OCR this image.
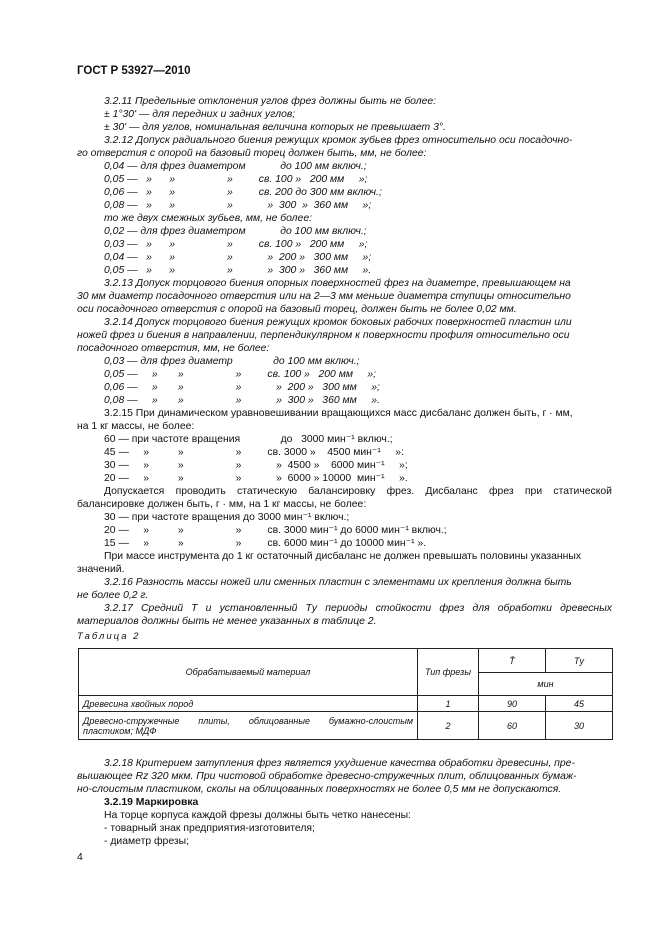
ГОСТ Р 53927—2010
3.2.11 Предельные отклонения углов фрез должны быть не более:
± 1°30' — для передних и задних углов;
± 30' — для углов, номинальная величина которых не превышает 3°.
3.2.12 Допуск радиального биения режущих кромок зубьев фрез относительно оси посадочно-
го отверстия с опорой на базовый торец должен быть, мм, не более:
0,04 — для фрез диаметром            до 100 мм включ.;
0,05 —   »      »                  »         св. 100 »   200 мм     »;
0,06 —   »      »                  »         св. 200 до 300 мм включ.;
0,08 —   »      »                  »            »  300  »  360 мм     »;
то же двух смежных зубьев, мм, не более:
0,02 — для фрез диаметром            до 100 мм включ.;
0,03 —   »      »                  »         св. 100 »   200 мм     »;
0,04 —   »      »                  »            »  200 »   300 мм     »;
0,05 —   »      »                  »            »  300 »   360 мм     ».
3.2.13 Допуск торцового биения опорных поверхностей фрез на диаметре, превышающем на
30 мм диаметр посадочного отверстия или на 2—3 мм меньше диаметра ступицы относительно
оси посадочного отверстия с опорой на базовый торец, должен быть не более 0,02 мм.
3.2.14 Допуск торцового биения режущих кромок боковых рабочих поверхностей пластин или
ножей фрез и биения в направлении, перпендикулярном к поверхности профиля относительно оси
посадочного отверстия, мм, не более:
0,03 — для фрез диаметр              до 100 мм включ.;
0,05 —     »       »                  »         св. 100 »   200 мм     »;
0,06 —     »       »                  »            »  200 »   300 мм     »;
0,08 —     »       »                  »            »  300 »   360 мм     ».
3.2.15 При динамическом уравновешивании вращающихся масс дисбаланс должен быть, г · мм,
на 1 кг массы, не более:
60 — при частоте вращения              до   3000 мин⁻¹ включ.;
45 —     »          »                  »         св. 3000 »    4500 мин⁻¹     »:
30 —     »          »                  »            »  4500 »    6000 мин⁻¹     »;
20 —     »          »                  »            »  6000 » 10000  мин⁻¹     ».
Допускается проводить статическую балансировку фрез. Дисбаланс фрез при статической
балансировке должен быть, г · мм, на 1 кг массы, не более:
30 — при частоте вращения до 3000 мин⁻¹ включ.;
20 —     »          »                  »         св. 3000 мин⁻¹ до 6000 мин⁻¹ включ.;
15 —     »          »                  »         св. 6000 мин⁻¹ до 10000 мин⁻¹ ».
При массе инструмента до 1 кг остаточный дисбаланс не должен превышать половины указанных
значений.
3.2.16 Разность массы ножей или сменных пластин с элементами их крепления должна быть
не более 0,2 г.
3.2.17 Средний T и установленный Tу периоды стойкости фрез для обработки древесных
материалов должны быть не менее указанных в таблице 2.
Таблица 2
Обрабатываемый материал	Тип фрезы	T̄	Tу
		мин	
Древесина хвойных пород	1	90	45
Древесно-стружечные плиты, облицованные бумажно-слоистым пластиком; МДФ	2	60	30
3.2.18 Критерием затупления фрез является ухудшение качества обработки древесины, пре-
вышающее Rz 320 мкм. При чистовой обработке древесно-стружечных плит, облицованных бумаж-
но-слоистым пластиком, сколы на облицованных поверхностях не более 0,5 мм не допускаются.
3.2.19 Маркировка
На торце корпуса каждой фрезы должны быть четко нанесены:
- товарный знак предприятия-изготовителя;
- диаметр фрезы;
4
